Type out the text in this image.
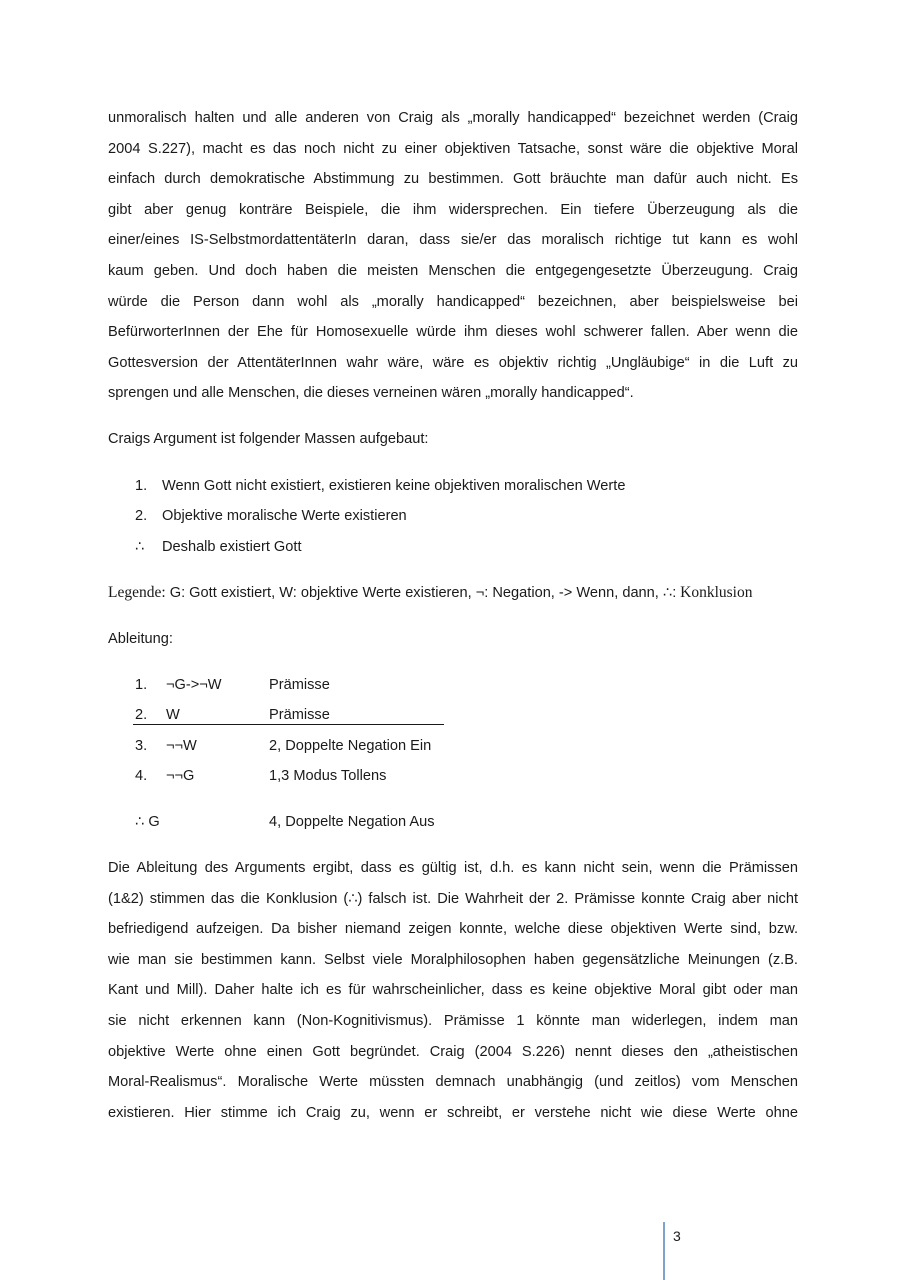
unmoralisch halten und alle anderen von Craig als „morally handicapped“ bezeichnet werden (Craig
2004 S.227), macht es das noch nicht zu einer objektiven Tatsache, sonst wäre die objektive Moral
einfach durch demokratische Abstimmung zu bestimmen. Gott bräuchte man dafür auch nicht. Es
gibt aber genug konträre Beispiele, die ihm widersprechen. Ein tiefere Überzeugung als die
einer/eines IS-SelbstmordattentäterIn daran, dass sie/er das moralisch richtige tut kann es wohl
kaum geben. Und doch haben die meisten Menschen die entgegengesetzte Überzeugung. Craig
würde die Person dann wohl als „morally handicapped“ bezeichnen, aber beispielsweise bei
BefürworterInnen der Ehe für Homosexuelle würde ihm dieses wohl schwerer fallen. Aber wenn die
Gottesversion der AttentäterInnen wahr wäre, wäre es objektiv richtig „Ungläubige“ in die Luft zu
sprengen und alle Menschen, die dieses verneinen wären „morally handicapped“.

Craigs Argument ist folgender Massen aufgebaut:

1. Wenn Gott nicht existiert, existieren keine objektiven moralischen Werte
2. Objektive moralische Werte existieren
∴ Deshalb existiert Gott

Legende: G: Gott existiert, W: objektive Werte existieren, ¬: Negation, -> Wenn, dann, ∴: Konklusion

Ableitung:

1. ¬G->¬W	Prämisse
2. W	Prämisse
3. ¬¬W	2, Doppelte Negation Ein
4. ¬¬G	1,3 Modus Tollens
∴ G	4, Doppelte Negation Aus
Die Ableitung des Arguments ergibt, dass es gültig ist, d.h. es kann nicht sein, wenn die Prämissen
(1&2) stimmen das die Konklusion (∴) falsch ist. Die Wahrheit der 2. Prämisse konnte Craig aber nicht
befriedigend aufzeigen. Da bisher niemand zeigen konnte, welche diese objektiven Werte sind, bzw.
wie man sie bestimmen kann. Selbst viele Moralphilosophen haben gegensätzliche Meinungen (z.B.
Kant und Mill). Daher halte ich es für wahrscheinlicher, dass es keine objektive Moral gibt oder man
sie nicht erkennen kann (Non-Kognitivismus). Prämisse 1 könnte man widerlegen, indem man
objektive Werte ohne einen Gott begründet. Craig (2004 S.226) nennt dieses den „atheistischen
Moral-Realismus“. Moralische Werte müssten demnach unabhängig (und zeitlos) vom Menschen
existieren. Hier stimme ich Craig zu, wenn er schreibt, er verstehe nicht wie diese Werte ohne
3
